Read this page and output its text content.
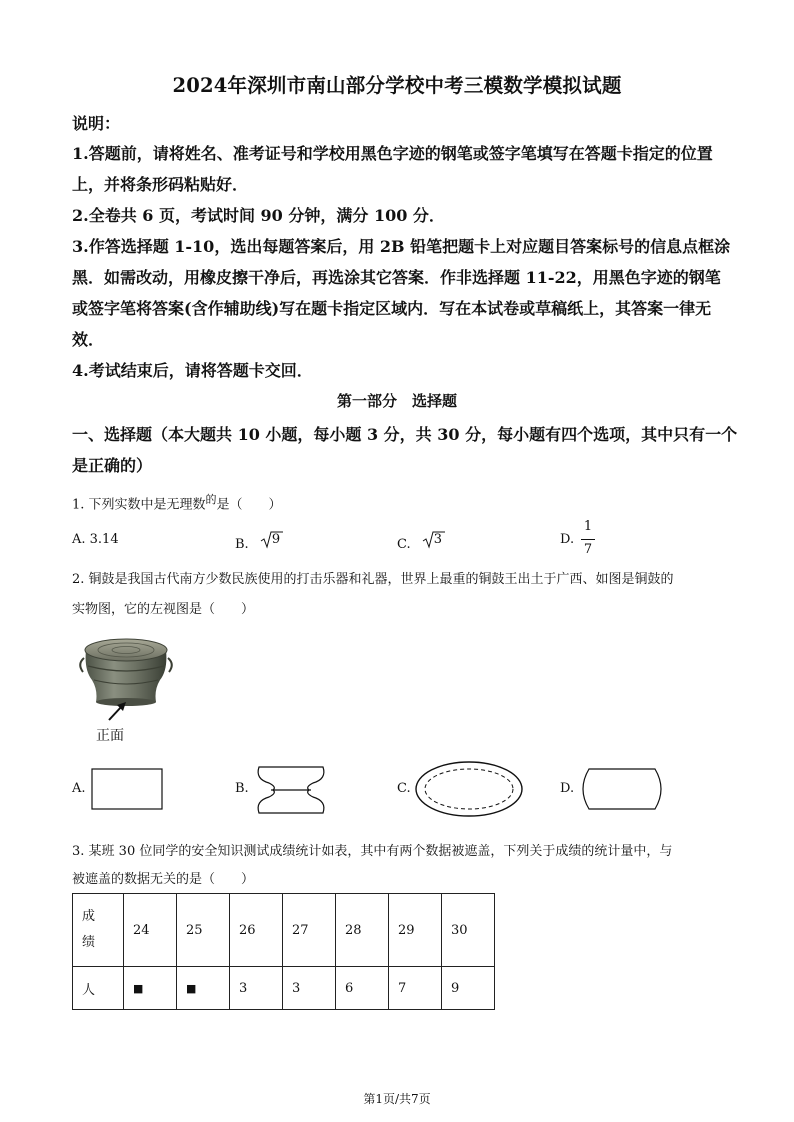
2024年深圳市南山部分学校中考三模数学模拟试题
说明：
1.答题前，请将姓名、准考证号和学校用黑色字迹的钢笔或签字笔填写在答题卡指定的位置
上，并将条形码粘贴好．
2.全卷共 6 页，考试时间 90 分钟，满分 100 分．
3.作答选择题 1-10，选出每题答案后，用 2B 铅笔把题卡上对应题目答案标号的信息点框涂
黑．如需改动，用橡皮擦干净后，再选涂其它答案．作非选择题 11-22，用黑色字迹的钢笔
或签字笔将答案(含作辅助线)写在题卡指定区域内．写在本试卷或草稿纸上，其答案一律无
效．
4.考试结束后，请将答题卡交回．
第一部分　选择题
一、选择题（本大题共 10 小题，每小题 3 分，共 30 分，每小题有四个选项，其中只有一个
是正确的）
1. 下列实数中是无理数$^的$是（　　）
A. 3.14	B. 9	C. 3	D.
1
7
2. 铜鼓是我国古代南方少数民族使用的打击乐器和礼器，世界上最重的铜鼓王出土于广西、如图是铜鼓的
实物图，它的左视图是（　　）
正面
A.	B.	C.	D.
3. 某班 30 位同学的安全知识测试成绩统计如表，其中有两个数据被遮盖，下列关于成绩的统计量中，与
被遮盖的数据无关的是（　　）
成
绩	24	25	26	27	28	29	30
人	■	■	3	3	6	7	9
第1页/共7页
